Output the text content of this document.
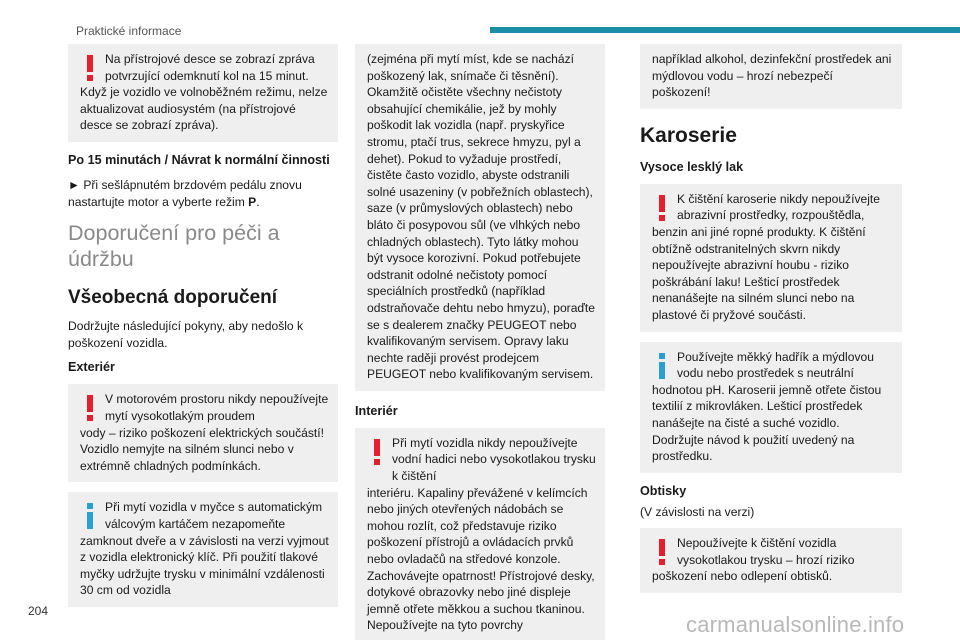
Praktické informace

Na přístrojové desce se zobrazí zpráva potvrzující odemknutí kol na 15 minut.

Když je vozidlo ve volnoběžném režimu, nelze aktualizovat audiosystém (na přístrojové desce se zobrazí zpráva).

Po 15 minutách / Návrat k normální činnosti

► Při sešlápnutém brzdovém pedálu znovu nastartujte motor a vyberte režim P.

Doporučení pro péči a údržbu
Všeobecná doporučení

Dodržujte následující pokyny, aby nedošlo k poškození vozidla.

Exteriér

V motorovém prostoru nikdy nepoužívejte mytí vysokotlakým proudem

vody – riziko poškození elektrických součástí! Vozidlo nemyjte na silném slunci nebo v extrémně chladných podmínkách.

Při mytí vozidla v myčce s automatickým válcovým kartáčem nezapomeňte

zamknout dveře a v závislosti na verzi vyjmout z vozidla elektronický klíč. Při použití tlakové myčky udržujte trysku v minimální vzdálenosti 30 cm od vozidla

(zejména při mytí míst, kde se nachází poškozený lak, snímače či těsnění). Okamžitě očistěte všechny nečistoty obsahující chemikálie, jež by mohly poškodit lak vozidla (např. pryskyřice stromu, ptačí trus, sekrece hmyzu, pyl a dehet). Pokud to vyžaduje prostředí, čistěte často vozidlo, abyste odstranili solné usazeniny (v pobřežních oblastech), saze (v průmyslových oblastech) nebo bláto či posypovou sůl (ve vlhkých nebo chladných oblastech). Tyto látky mohou být vysoce korozivní. Pokud potřebujete odstranit odolné nečistoty pomocí speciálních prostředků (například odstraňovače dehtu nebo hmyzu), poraďte se s dealerem značky PEUGEOT nebo kvalifikovaným servisem. Opravy laku nechte raději provést prodejcem PEUGEOT nebo kvalifikovaným servisem.

Interiér

Při mytí vozidla nikdy nepoužívejte vodní hadici nebo vysokotlakou trysku k čištění

interiéru. Kapaliny převážené v kelímcích nebo jiných otevřených nádobách se mohou rozlít, což představuje riziko poškození přístrojů a ovládacích prvků nebo ovladačů na středové konzole. Zachovávejte opatrnost! Přístrojové desky, dotykové obrazovky nebo jiné displeje jemně otřete měkkou a suchou tkaninou. Nepoužívejte na tyto povrchy

například alkohol, dezinfekční prostředek ani mýdlovou vodu – hrozí nebezpečí poškození!

Karoserie
Vysoce lesklý lak

K čištění karoserie nikdy nepoužívejte abrazivní prostředky, rozpouštědla,

benzin ani jiné ropné produkty. K čištění obtížně odstranitelných skvrn nikdy nepoužívejte abrazivní houbu - riziko poškrábání laku! Lešticí prostředek nenanášejte na silném slunci nebo na plastové či pryžové součásti.

Používejte měkký hadřík a mýdlovou vodu nebo prostředek s neutrální

hodnotou pH. Karoserii jemně otřete čistou textilií z mikrovláken. Lešticí prostředek nanášejte na čisté a suché vozidlo. Dodržujte návod k použití uvedený na prostředku.

Obtisky

(V závislosti na verzi)

Nepoužívejte k čištění vozidla vysokotlakou trysku – hrozí riziko

poškození nebo odlepení obtisků.

204
carmanualsonline.info
